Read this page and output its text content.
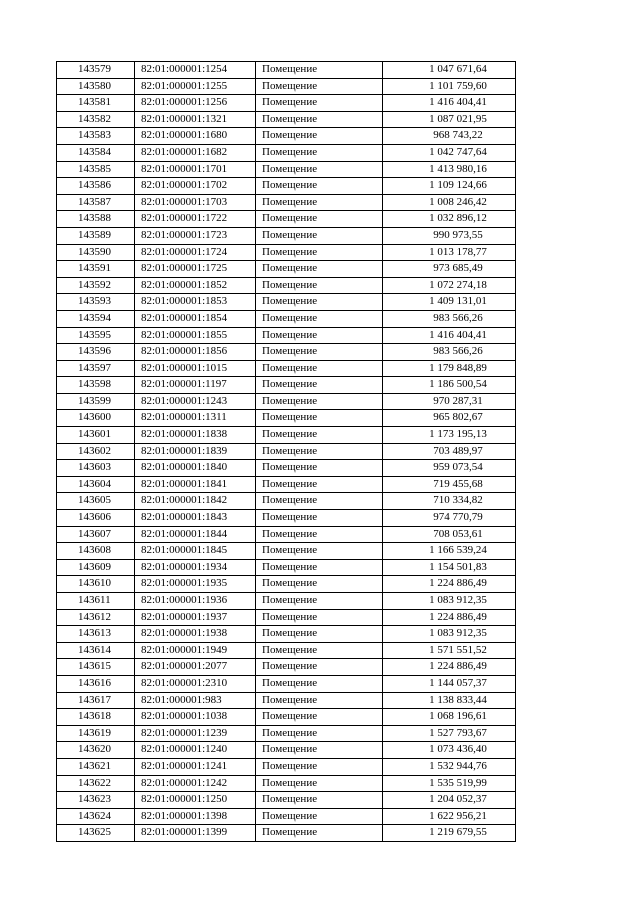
143579	82:01:000001:1254	Помещение	1 047 671,64
143580	82:01:000001:1255	Помещение	1 101 759,60
143581	82:01:000001:1256	Помещение	1 416 404,41
143582	82:01:000001:1321	Помещение	1 087 021,95
143583	82:01:000001:1680	Помещение	968 743,22
143584	82:01:000001:1682	Помещение	1 042 747,64
143585	82:01:000001:1701	Помещение	1 413 980,16
143586	82:01:000001:1702	Помещение	1 109 124,66
143587	82:01:000001:1703	Помещение	1 008 246,42
143588	82:01:000001:1722	Помещение	1 032 896,12
143589	82:01:000001:1723	Помещение	990 973,55
143590	82:01:000001:1724	Помещение	1 013 178,77
143591	82:01:000001:1725	Помещение	973 685,49
143592	82:01:000001:1852	Помещение	1 072 274,18
143593	82:01:000001:1853	Помещение	1 409 131,01
143594	82:01:000001:1854	Помещение	983 566,26
143595	82:01:000001:1855	Помещение	1 416 404,41
143596	82:01:000001:1856	Помещение	983 566,26
143597	82:01:000001:1015	Помещение	1 179 848,89
143598	82:01:000001:1197	Помещение	1 186 500,54
143599	82:01:000001:1243	Помещение	970 287,31
143600	82:01:000001:1311	Помещение	965 802,67
143601	82:01:000001:1838	Помещение	1 173 195,13
143602	82:01:000001:1839	Помещение	703 489,97
143603	82:01:000001:1840	Помещение	959 073,54
143604	82:01:000001:1841	Помещение	719 455,68
143605	82:01:000001:1842	Помещение	710 334,82
143606	82:01:000001:1843	Помещение	974 770,79
143607	82:01:000001:1844	Помещение	708 053,61
143608	82:01:000001:1845	Помещение	1 166 539,24
143609	82:01:000001:1934	Помещение	1 154 501,83
143610	82:01:000001:1935	Помещение	1 224 886,49
143611	82:01:000001:1936	Помещение	1 083 912,35
143612	82:01:000001:1937	Помещение	1 224 886,49
143613	82:01:000001:1938	Помещение	1 083 912,35
143614	82:01:000001:1949	Помещение	1 571 551,52
143615	82:01:000001:2077	Помещение	1 224 886,49
143616	82:01:000001:2310	Помещение	1 144 057,37
143617	82:01:000001:983	Помещение	1 138 833,44
143618	82:01:000001:1038	Помещение	1 068 196,61
143619	82:01:000001:1239	Помещение	1 527 793,67
143620	82:01:000001:1240	Помещение	1 073 436,40
143621	82:01:000001:1241	Помещение	1 532 944,76
143622	82:01:000001:1242	Помещение	1 535 519,99
143623	82:01:000001:1250	Помещение	1 204 052,37
143624	82:01:000001:1398	Помещение	1 622 956,21
143625	82:01:000001:1399	Помещение	1 219 679,55
